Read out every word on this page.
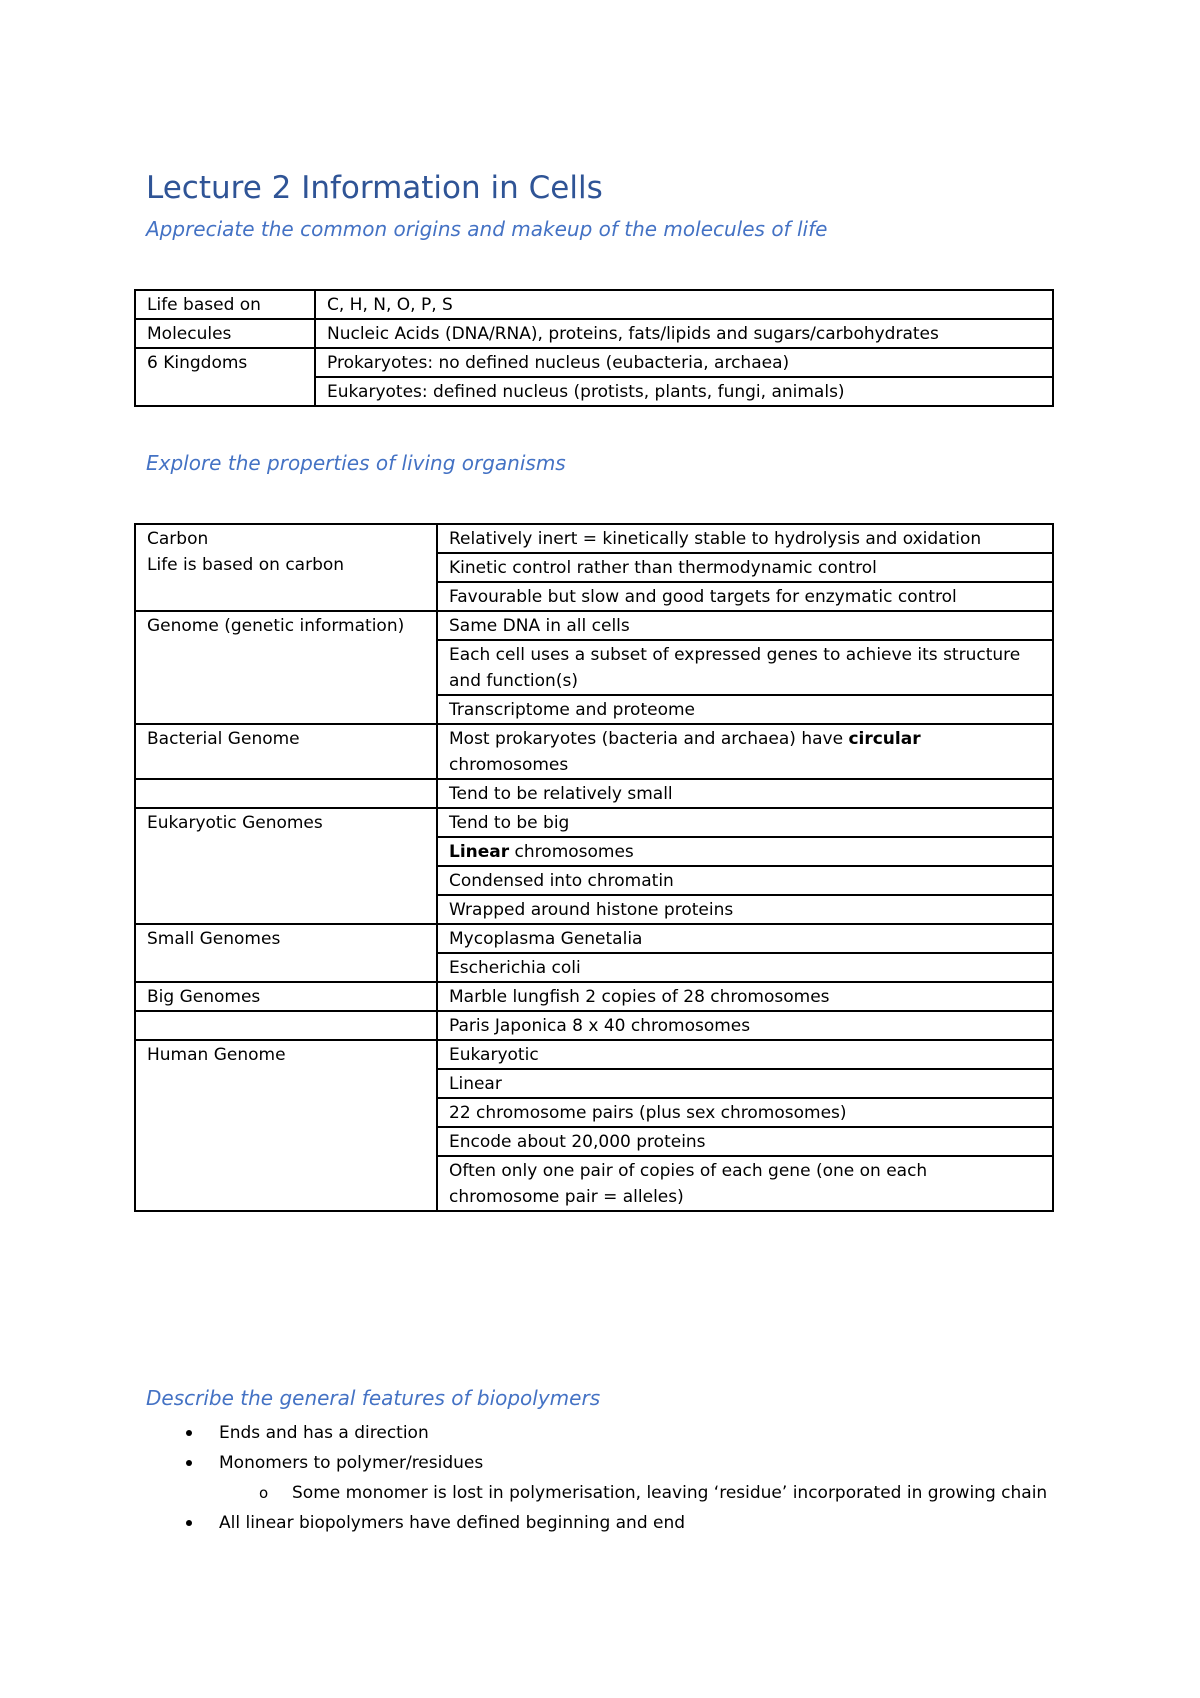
Lecture 2 Information in Cells
Appreciate the common origins and makeup of the molecules of life
Life based on	C, H, N, O, P, S
Molecules	Nucleic Acids (DNA/RNA), proteins, fats/lipids and sugars/carbohydrates
6 Kingdoms	Prokaryotes: no defined nucleus (eubacteria, archaea)
	Eukaryotes: defined nucleus (protists, plants, fungi, animals)
Explore the properties of living organisms
Carbon
Life is based on carbon	Relatively inert = kinetically stable to hydrolysis and oxidation
	Kinetic control rather than thermodynamic control
	Favourable but slow and good targets for enzymatic control
Genome (genetic information)	Same DNA in all cells
	Each cell uses a subset of expressed genes to achieve its structure and function(s)
	Transcriptome and proteome
Bacterial Genome	Most prokaryotes (bacteria and archaea) have circular chromosomes
	Tend to be relatively small
Eukaryotic Genomes	Tend to be big
	Linear chromosomes
	Condensed into chromatin
	Wrapped around histone proteins
Small Genomes	Mycoplasma Genetalia
	Escherichia coli
Big Genomes	Marble lungfish 2 copies of 28 chromosomes
	Paris Japonica 8 x 40 chromosomes
Human Genome	Eukaryotic
	Linear
	22 chromosome pairs (plus sex chromosomes)
	Encode about 20,000 proteins
	Often only one pair of copies of each gene (one on each chromosome pair = alleles)
Describe the general features of biopolymers
Ends and has a direction
Monomers to polymer/residues
o Some monomer is lost in polymerisation, leaving ‘residue’ incorporated in growing chain
All linear biopolymers have defined beginning and end
